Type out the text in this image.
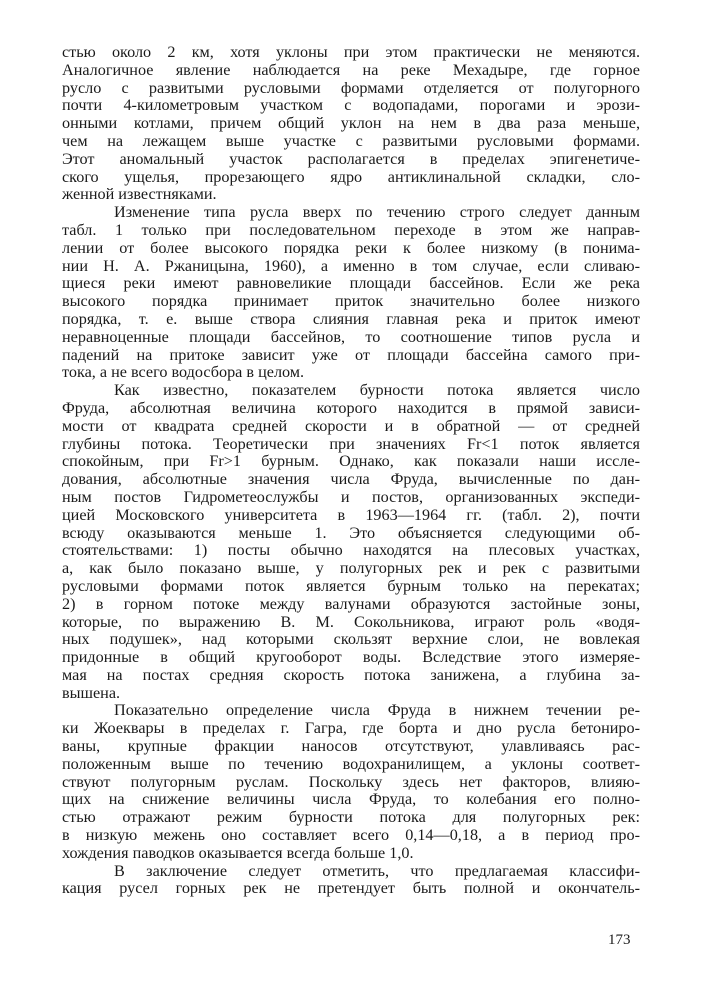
стью около 2 км, хотя уклоны при этом практически не меняются.
Аналогичное явление наблюдается на реке Мехадыре, где горное
русло с развитыми русловыми формами отделяется от полугорного
почти 4-километровым участком с водопадами, порогами и эрози-
онными котлами, причем общий уклон на нем в два раза меньше,
чем на лежащем выше участке с развитыми русловыми формами.
Этот аномальный участок располагается в пределах эпигенетиче-
ского ущелья, прорезающего ядро антиклинальной складки, сло-
женной известняками.
Изменение типа русла вверх по течению строго следует данным
табл. 1 только при последовательном переходе в этом же направ-
лении от более высокого порядка реки к более низкому (в понима-
нии Н. А. Ржаницына, 1960), а именно в том случае, если сливаю-
щиеся реки имеют равновеликие площади бассейнов. Если же река
высокого порядка принимает приток значительно более низкого
порядка, т. е. выше створа слияния главная река и приток имеют
неравноценные площади бассейнов, то соотношение типов русла и
падений на притоке зависит уже от площади бассейна самого при-
тока, а не всего водосбора в целом.
Как известно, показателем бурности потока является число
Фруда, абсолютная величина которого находится в прямой зависи-
мости от квадрата средней скорости и в обратной — от средней
глубины потока. Теоретически при значениях Fr<1 поток является
спокойным, при Fr>1 бурным. Однако, как показали наши иссле-
дования, абсолютные значения числа Фруда, вычисленные по дан-
ным постов Гидрометеослужбы и постов, организованных экспеди-
цией Московского университета в 1963—1964 гг. (табл. 2), почти
всюду оказываются меньше 1. Это объясняется следующими об-
стоятельствами: 1) посты обычно находятся на плесовых участках,
а, как было показано выше, у полугорных рек и рек с развитыми
русловыми формами поток является бурным только на перекатах;
2) в горном потоке между валунами образуются застойные зоны,
которые, по выражению В. М. Сокольникова, играют роль «водя-
ных подушек», над которыми скользят верхние слои, не вовлекая
придонные в общий кругооборот воды. Вследствие этого измеряе-
мая на постах средняя скорость потока занижена, а глубина за-
вышена.
Показательно определение числа Фруда в нижнем течении ре-
ки Жоеквары в пределах г. Гагра, где борта и дно русла бетониро-
ваны, крупные фракции наносов отсутствуют, улавливаясь рас-
положенным выше по течению водохранилищем, а уклоны соответ-
ствуют полугорным руслам. Поскольку здесь нет факторов, влияю-
щих на снижение величины числа Фруда, то колебания его полно-
стью отражают режим бурности потока для полугорных рек:
в низкую межень оно составляет всего 0,14—0,18, а в период про-
хождения паводков оказывается всегда больше 1,0.
В заключение следует отметить, что предлагаемая классифи-
кация русел горных рек не претендует быть полной и окончатель-
173
